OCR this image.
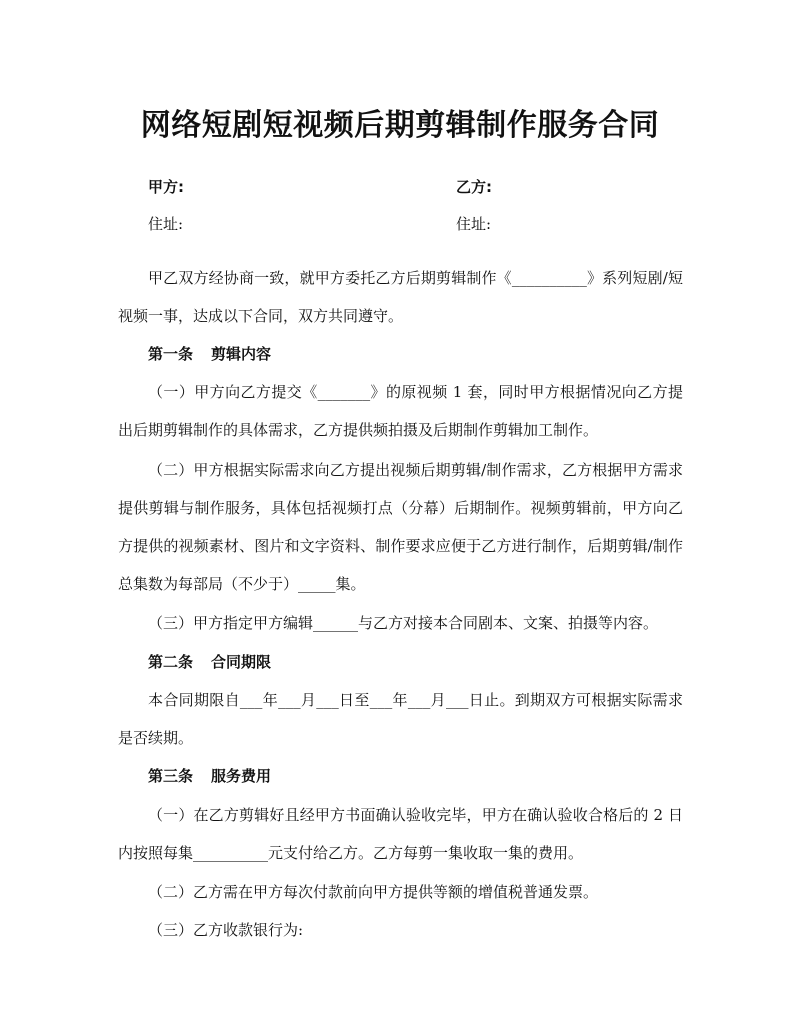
网络短剧短视频后期剪辑制作服务合同
甲方:	乙方:
住址:	住址:
甲乙双方经协商一致，就甲方委托乙方后期剪辑制作《__________》系列短剧/短视频一事，达成以下合同，双方共同遵守。
第一条 剪辑内容
（一）甲方向乙方提交《_______》的原视频 1 套，同时甲方根据情况向乙方提出后期剪辑制作的具体需求，乙方提供频拍摄及后期制作剪辑加工制作。
（二）甲方根据实际需求向乙方提出视频后期剪辑/制作需求，乙方根据甲方需求提供剪辑与制作服务，具体包括视频打点（分幕）后期制作。视频剪辑前，甲方向乙方提供的视频素材、图片和文字资料、制作要求应便于乙方进行制作，后期剪辑/制作总集数为每部局（不少于）_____集。
（三）甲方指定甲方编辑______与乙方对接本合同剧本、文案、拍摄等内容。
第二条 合同期限
本合同期限自___年___月___日至___年___月___日止。到期双方可根据实际需求是否续期。
第三条 服务费用
（一）在乙方剪辑好且经甲方书面确认验收完毕，甲方在确认验收合格后的 2 日内按照每集__________元支付给乙方。乙方每剪一集收取一集的费用。
（二）乙方需在甲方每次付款前向甲方提供等额的增值税普通发票。
（三）乙方收款银行为:
